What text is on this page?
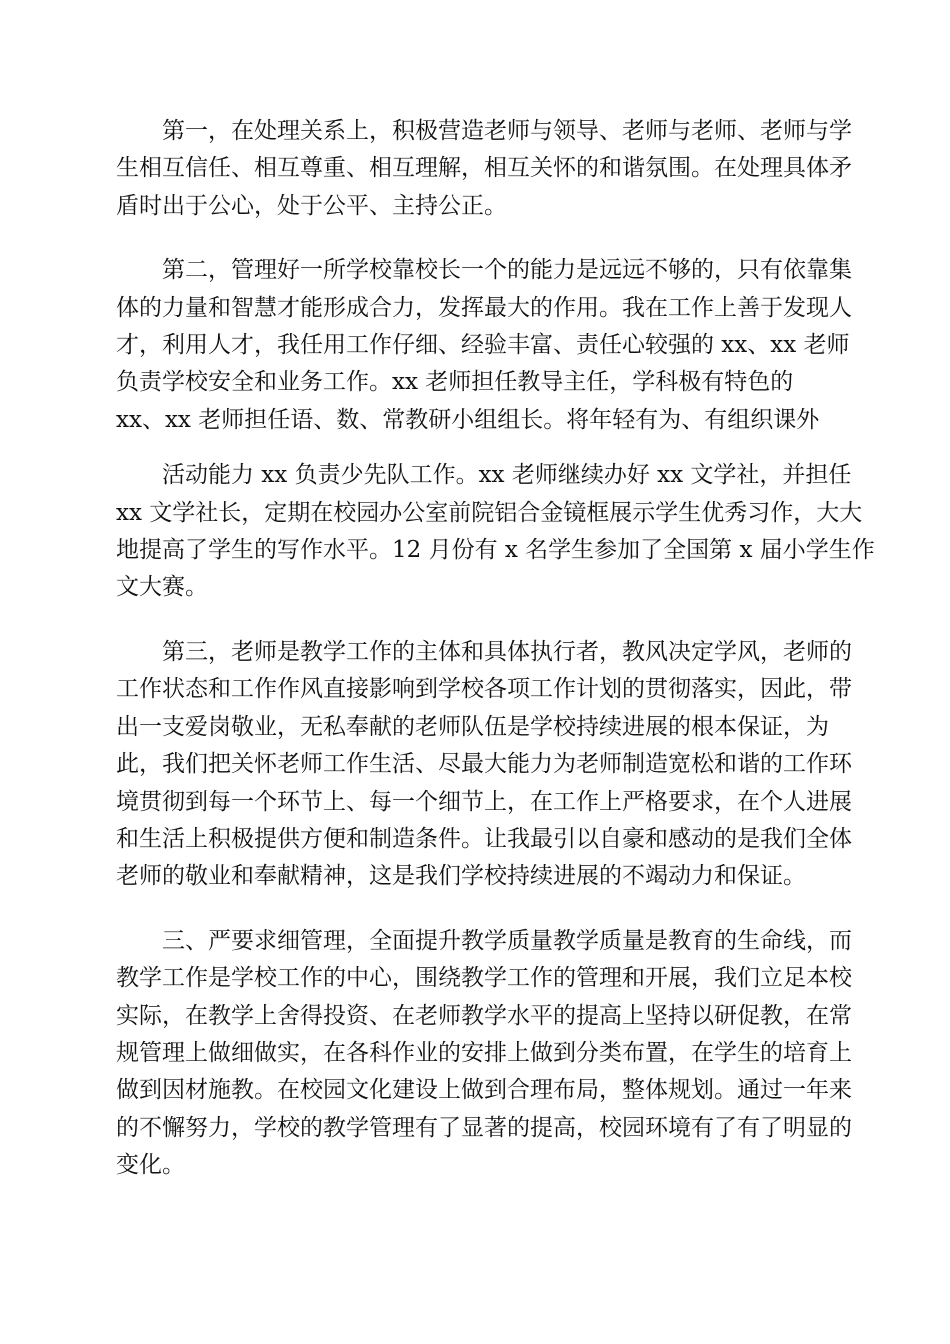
第一，在处理关系上，积极营造老师与领导、老师与老师、老师与学
生相互信任、相互尊重、相互理解，相互关怀的和谐氛围。在处理具体矛
盾时出于公心，处于公平、主持公正。

第二，管理好一所学校靠校长一个的能力是远远不够的，只有依靠集
体的力量和智慧才能形成合力，发挥最大的作用。我在工作上善于发现人
才，利用人才，我任用工作仔细、经验丰富、责任心较强的 xx、xx 老师
负责学校安全和业务工作。xx 老师担任教导主任，学科极有特色的
xx、xx 老师担任语、数、常教研小组组长。将年轻有为、有组织课外

活动能力 xx 负责少先队工作。xx 老师继续办好 xx 文学社，并担任
xx 文学社长，定期在校园办公室前院铝合金镜框展示学生优秀习作，大大
地提高了学生的写作水平。12 月份有 x 名学生参加了全国第 x 届小学生作
文大赛。

第三，老师是教学工作的主体和具体执行者，教风决定学风，老师的
工作状态和工作作风直接影响到学校各项工作计划的贯彻落实，因此，带
出一支爱岗敬业，无私奉献的老师队伍是学校持续进展的根本保证，为
此，我们把关怀老师工作生活、尽最大能力为老师制造宽松和谐的工作环
境贯彻到每一个环节上、每一个细节上，在工作上严格要求，在个人进展
和生活上积极提供方便和制造条件。让我最引以自豪和感动的是我们全体
老师的敬业和奉献精神，这是我们学校持续进展的不竭动力和保证。

三、严要求细管理，全面提升教学质量教学质量是教育的生命线，而
教学工作是学校工作的中心，围绕教学工作的管理和开展，我们立足本校
实际，在教学上舍得投资、在老师教学水平的提高上坚持以研促教，在常
规管理上做细做实，在各科作业的安排上做到分类布置，在学生的培育上
做到因材施教。在校园文化建设上做到合理布局，整体规划。通过一年来
的不懈努力，学校的教学管理有了显著的提高，校园环境有了有了明显的
变化。
